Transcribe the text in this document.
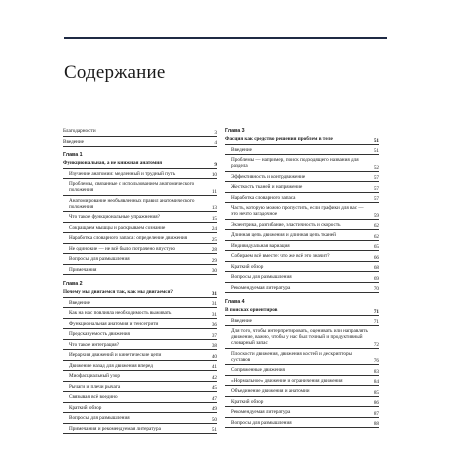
Содержание
Благодарности	3
Введение	4
Глава 1
Функциональная, а не книжная анатомия	9
Изучение анатомии: медленный и трудный путь	10
Проблемы, связанные с использованием анатомического положения	11
Анатомирование необъявленных правил анатомического положения	13
Что такое функциональные упражнения?	15
Сокращаем мышцы и раскрываем сознание	24
Наработка словарного запаса: определение движения	25
Не одинокие — не всё было потрачено впустую	28
Вопросы для размышления	29
Примечания	30
Глава 2
Почему мы двигаемся так, как мы двигаемся?	31
Введение	31
Как на нас повлияла необходимость выживать	31
Функциональная анатомия и тенсегрити	36
Предсказуемость движения	37
Что такое интеграция?	38
Иерархия движений и кинетические цепи	40
Движение назад для движения вперед	41
Миофасциальный узор	42
Рычаги и плечи рычага	45
Связывая всё воедино	47
Краткий обзор	49
Вопросы для размышления	50
Примечания и рекомендуемая литература	51
Глава 3
Фасция как средство решения проблем в теле	51
Введение	51
Проблемы — например, поиск подходящего названия для раздела	52
Эффективность и контрдвижение	57
Жесткость тканей и напряжение	57
Наработка словарного запаса	57
Часть, которую можно пропустить, если графики для вас — это нечто загадочное	59
Экзентрика, разгибание, эластичность и скорость	62
Длинная цепь движения и длинная цепь тканей	62
Индивидуальная вариация	65
Собираем всё вместе: что же всё это значит?	66
Краткий обзор	68
Вопросы для размышления	69
Рекомендуемая литература	70
Глава 4
В поисках ориентиров	71
Введение	71
Для того, чтобы интерпретировать, оценивать или направлять движение, важно, чтобы у нас был точный и продуктивный словарный запас	72
Плоскости движения, движения костей и дескрипторы суставов	76
Сопряженные движения	83
«Нормальное» движение и ограничения движения	84
Объединение движения и анатомии	85
Краткий обзор	86
Рекомендуемая литература	87
Вопросы для размышления	88
